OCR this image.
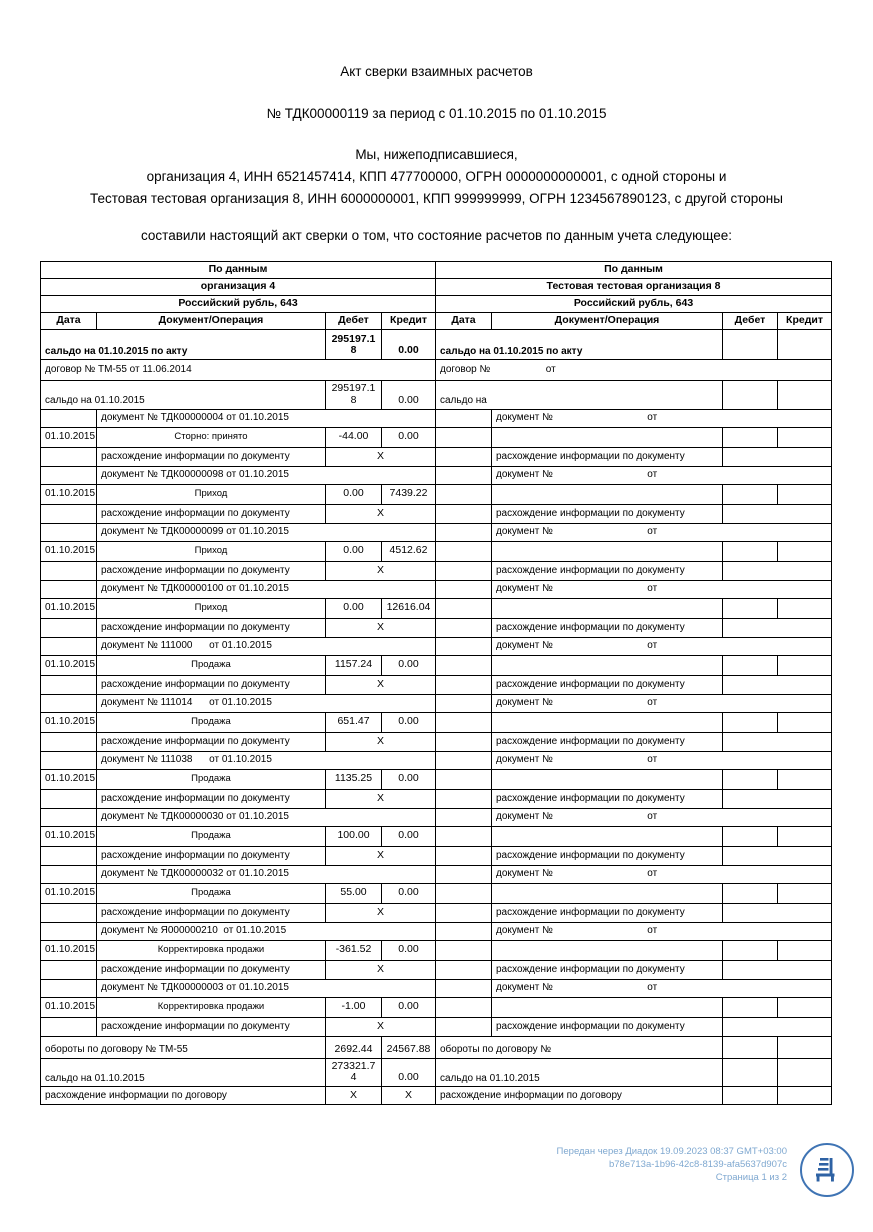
Акт сверки взаимных расчетов
№ ТДК00000119 за период с 01.10.2015 по 01.10.2015
Мы, нижеподписавшиеся,
организация 4, ИНН 6521457414, КПП 477700000, ОГРН 0000000000001, с одной стороны и
Тестовая тестовая организация 8, ИНН 6000000001, КПП 999999999, ОГРН 1234567890123, с другой стороны
составили настоящий акт сверки о том, что состояние расчетов по данным учета следующее:
По данным				По данным			
организация 4				Тестовая тестовая организация 8			
Российский рубль, 643				Российский рубль, 643			
Дата	Документ/Операция	Дебет	Кредит	Дата	Документ/Операция	Дебет	Кредит
сальдо на 01.10.2015 по акту		295197.18	0.00	сальдо на 01.10.2015 по акту			
договор № ТМ-55 от 11.06.2014				договор №                    от			
сальдо на 01.10.2015		295197.18	0.00	сальдо на			
	документ № ТДК00000004 от 01.10.2015				документ №                                  от		
01.10.2015	Сторно: принято	-44.00	0.00				
	расхождение информации по документу	X			расхождение информации по документу		
	документ № ТДК00000098 от 01.10.2015				документ №                                  от		
01.10.2015	Приход	0.00	7439.22				
	расхождение информации по документу	X			расхождение информации по документу		
	документ № ТДК00000099 от 01.10.2015				документ №                                  от		
01.10.2015	Приход	0.00	4512.62				
	расхождение информации по документу	X			расхождение информации по документу		
	документ № ТДК00000100 от 01.10.2015				документ №                                  от		
01.10.2015	Приход	0.00	12616.04				
	расхождение информации по документу	X			расхождение информации по документу		
	документ № 111000      от 01.10.2015				документ №                                  от		
01.10.2015	Продажа	1157.24	0.00				
	расхождение информации по документу	X			расхождение информации по документу		
	документ № 111014      от 01.10.2015				документ №                                  от		
01.10.2015	Продажа	651.47	0.00				
	расхождение информации по документу	X			расхождение информации по документу		
	документ № 111038      от 01.10.2015				документ №                                  от		
01.10.2015	Продажа	1135.25	0.00				
	расхождение информации по документу	X			расхождение информации по документу		
	документ № ТДК00000030 от 01.10.2015				документ №                                  от		
01.10.2015	Продажа	100.00	0.00				
	расхождение информации по документу	X			расхождение информации по документу		
	документ № ТДК00000032 от 01.10.2015				документ №                                  от		
01.10.2015	Продажа	55.00	0.00				
	расхождение информации по документу	X			расхождение информации по документу		
	документ № Я000000210  от 01.10.2015				документ №                                  от		
01.10.2015	Корректировка продажи	-361.52	0.00				
	расхождение информации по документу	X			расхождение информации по документу		
	документ № ТДК00000003 от 01.10.2015				документ №                                  от		
01.10.2015	Корректировка продажи	-1.00	0.00				
	расхождение информации по документу	X			расхождение информации по документу		
обороты по договору № ТМ-55		2692.44	24567.88	обороты по договору №			
сальдо на 01.10.2015		273321.74	0.00	сальдо на 01.10.2015			
расхождение информации по договору		X	X	расхождение информации по договору			
Передан через Диадок 19.09.2023 08:37 GMT+03:00
b78e713a-1b96-42c8-8139-afa5637d907c
Страница 1 из 2
